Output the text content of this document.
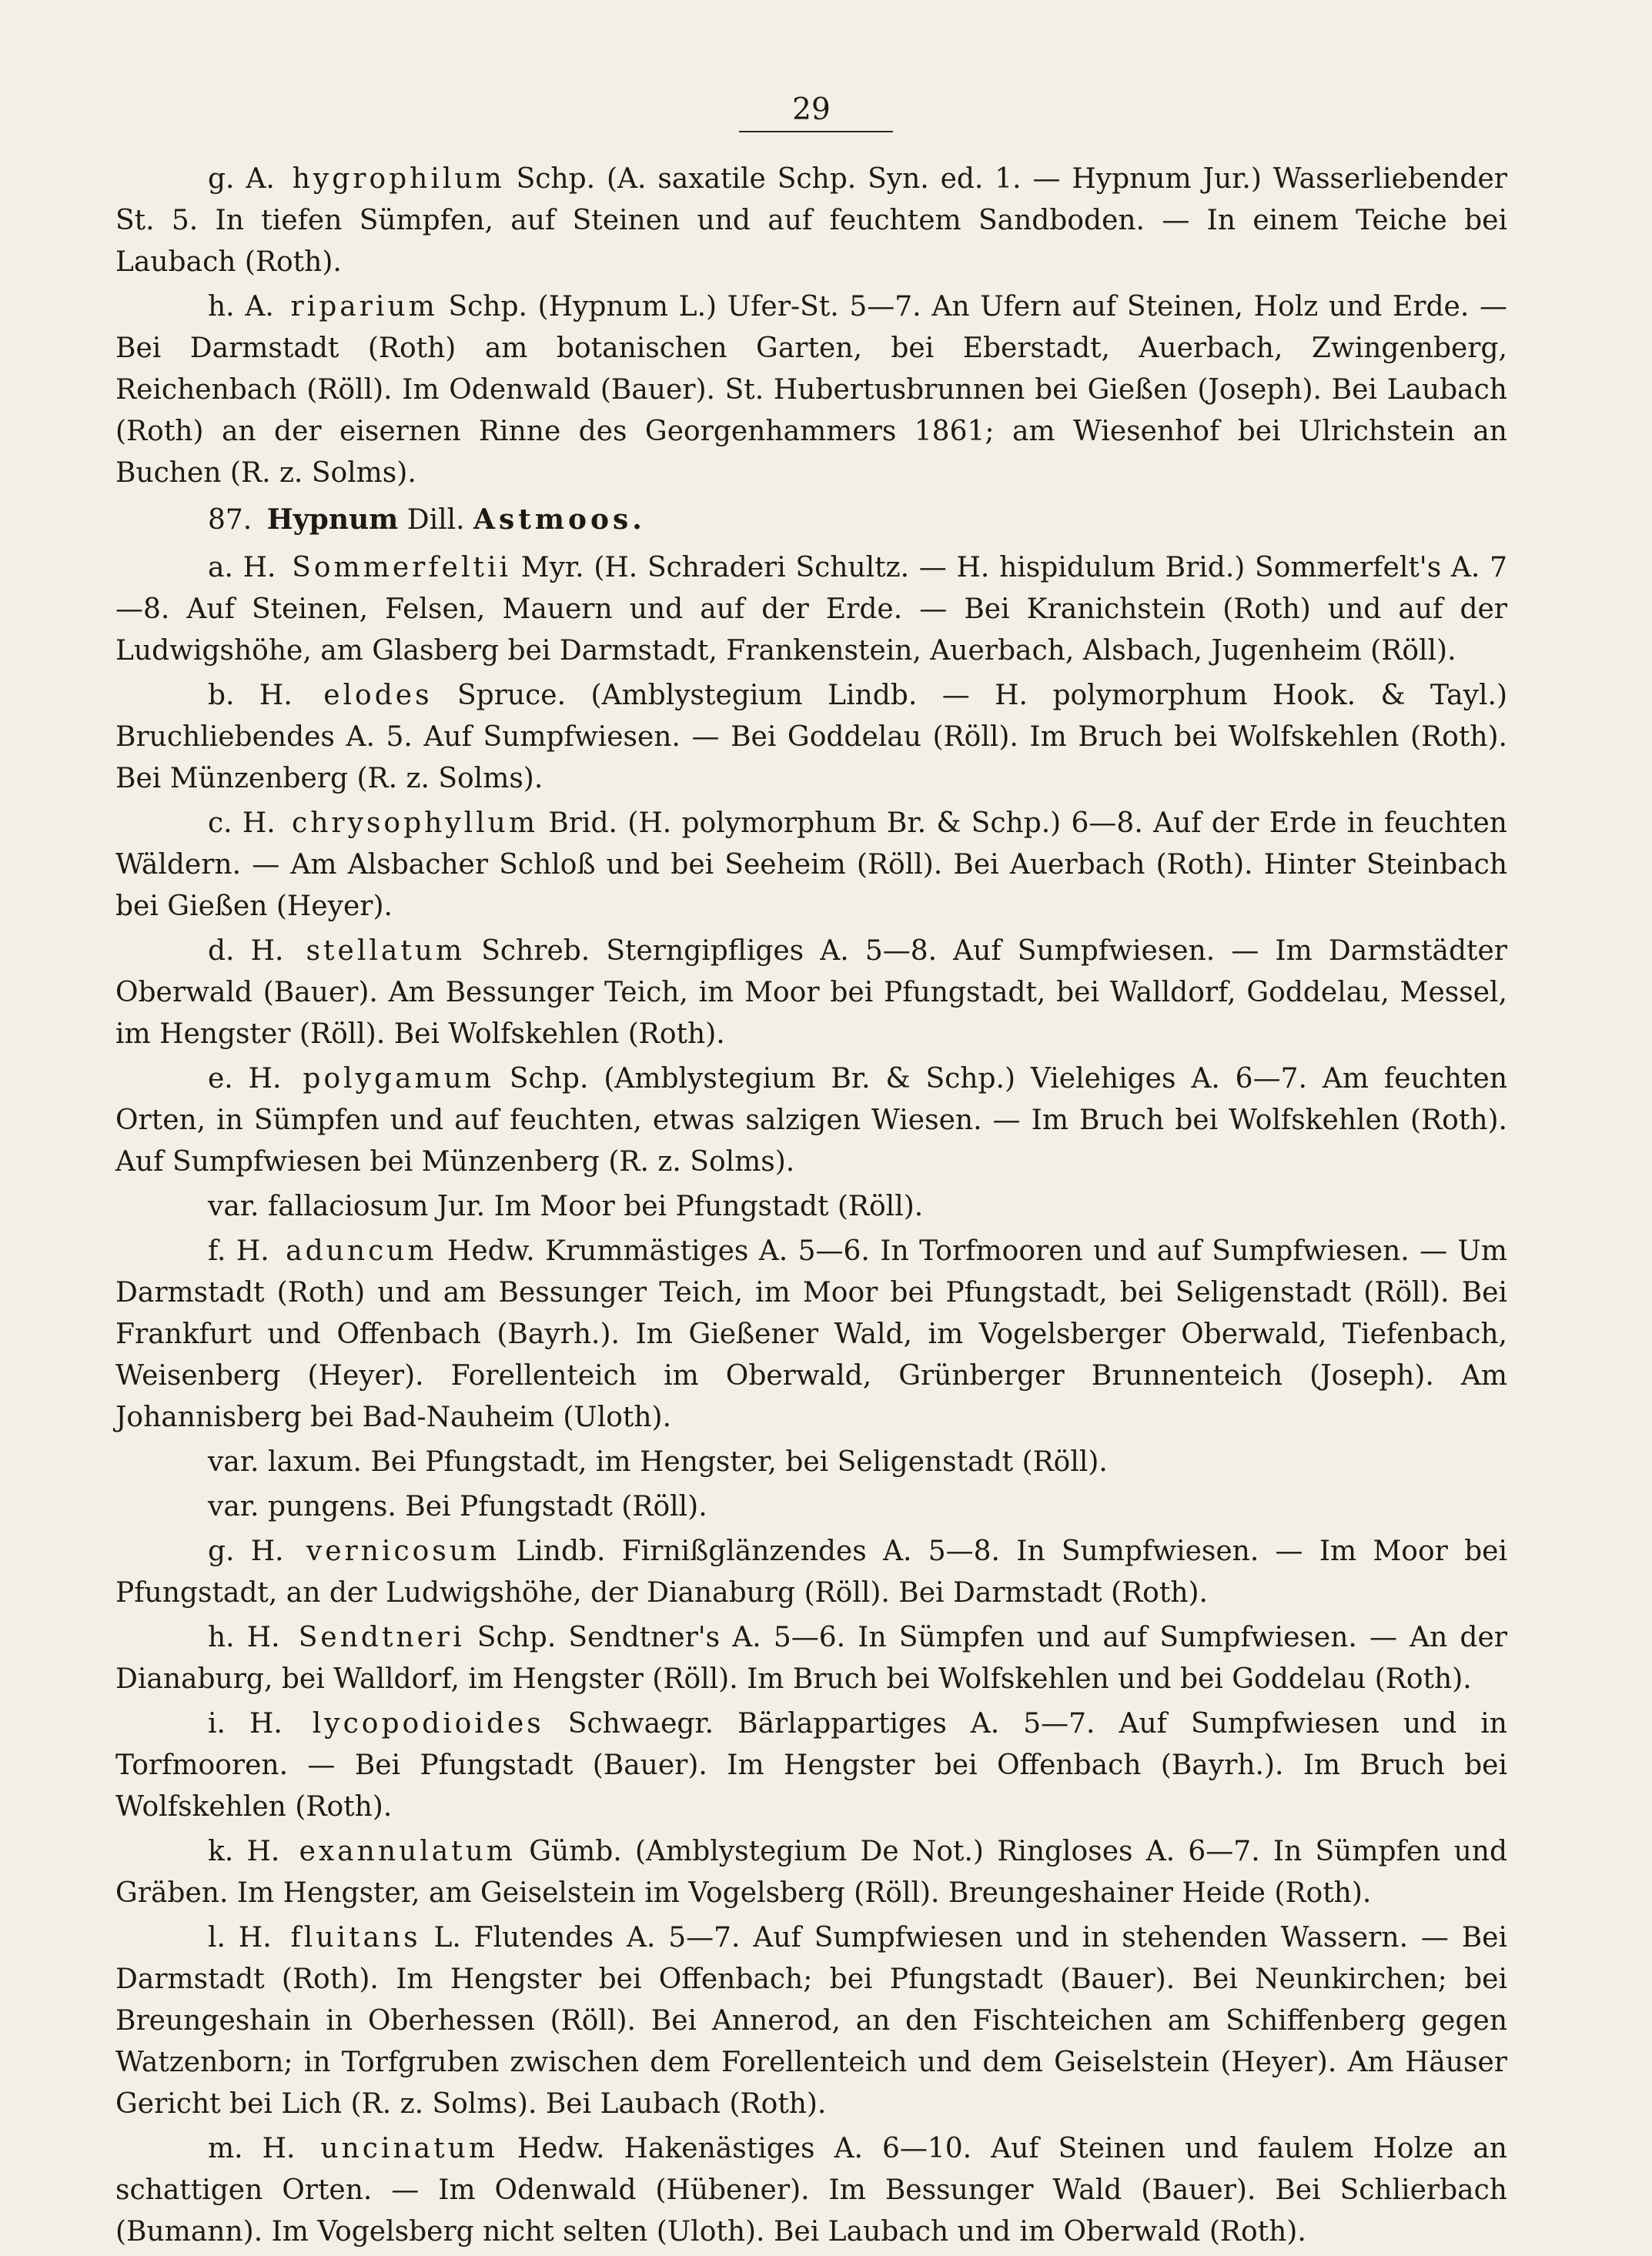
29

g. A. hygrophilum Schp. (A. saxatile Schp. Syn. ed. 1. — Hypnum Jur.) Wasserliebender St. 5. In tiefen Sümpfen, auf Steinen und auf feuchtem Sandboden. — In einem Teiche bei Laubach (Roth).

h. A. riparium Schp. (Hypnum L.) Ufer-St. 5—7. An Ufern auf Steinen, Holz und Erde. — Bei Darmstadt (Roth) am botanischen Garten, bei Eberstadt, Auerbach, Zwingenberg, Reichenbach (Röll). Im Odenwald (Bauer). St. Hubertusbrunnen bei Gießen (Joseph). Bei Laubach (Roth) an der eisernen Rinne des Georgenhammers 1861; am Wiesenhof bei Ulrichstein an Buchen (R. z. Solms).

87. Hypnum Dill. Astmoos.

a. H. Sommerfeltii Myr. (H. Schraderi Schultz. — H. hispidulum Brid.) Sommerfelt's A. 7—8. Auf Steinen, Felsen, Mauern und auf der Erde. — Bei Kranichstein (Roth) und auf der Ludwigshöhe, am Glasberg bei Darmstadt, Frankenstein, Auerbach, Alsbach, Jugenheim (Röll).

b. H. elodes Spruce. (Amblystegium Lindb. — H. polymorphum Hook. & Tayl.) Bruchliebendes A. 5. Auf Sumpfwiesen. — Bei Goddelau (Röll). Im Bruch bei Wolfskehlen (Roth). Bei Münzenberg (R. z. Solms).

c. H. chrysophyllum Brid. (H. polymorphum Br. & Schp.) 6—8. Auf der Erde in feuchten Wäldern. — Am Alsbacher Schloß und bei Seeheim (Röll). Bei Auerbach (Roth). Hinter Steinbach bei Gießen (Heyer).

d. H. stellatum Schreb. Sterngipfliges A. 5—8. Auf Sumpfwiesen. — Im Darmstädter Oberwald (Bauer). Am Bessunger Teich, im Moor bei Pfungstadt, bei Walldorf, Goddelau, Messel, im Hengster (Röll). Bei Wolfskehlen (Roth).

e. H. polygamum Schp. (Amblystegium Br. & Schp.) Vielehiges A. 6—7. Am feuchten Orten, in Sümpfen und auf feuchten, etwas salzigen Wiesen. — Im Bruch bei Wolfskehlen (Roth). Auf Sumpfwiesen bei Münzenberg (R. z. Solms).

var. fallaciosum Jur. Im Moor bei Pfungstadt (Röll).

f. H. aduncum Hedw. Krummästiges A. 5—6. In Torfmooren und auf Sumpfwiesen. — Um Darmstadt (Roth) und am Bessunger Teich, im Moor bei Pfungstadt, bei Seligenstadt (Röll). Bei Frankfurt und Offenbach (Bayrh.). Im Gießener Wald, im Vogelsberger Oberwald, Tiefenbach, Weisenberg (Heyer). Forellenteich im Oberwald, Grünberger Brunnenteich (Joseph). Am Johannisberg bei Bad-Nauheim (Uloth).

var. laxum. Bei Pfungstadt, im Hengster, bei Seligenstadt (Röll).

var. pungens. Bei Pfungstadt (Röll).

g. H. vernicosum Lindb. Firnißglänzendes A. 5—8. In Sumpfwiesen. — Im Moor bei Pfungstadt, an der Ludwigshöhe, der Dianaburg (Röll). Bei Darmstadt (Roth).

h. H. Sendtneri Schp. Sendtner's A. 5—6. In Sümpfen und auf Sumpfwiesen. — An der Dianaburg, bei Walldorf, im Hengster (Röll). Im Bruch bei Wolfskehlen und bei Goddelau (Roth).

i. H. lycopodioides Schwaegr. Bärlappartiges A. 5—7. Auf Sumpfwiesen und in Torfmooren. — Bei Pfungstadt (Bauer). Im Hengster bei Offenbach (Bayrh.). Im Bruch bei Wolfskehlen (Roth).

k. H. exannulatum Gümb. (Amblystegium De Not.) Ringloses A. 6—7. In Sümpfen und Gräben. Im Hengster, am Geiselstein im Vogelsberg (Röll). Breungeshainer Heide (Roth).

l. H. fluitans L. Flutendes A. 5—7. Auf Sumpfwiesen und in stehenden Wassern. — Bei Darmstadt (Roth). Im Hengster bei Offenbach; bei Pfungstadt (Bauer). Bei Neunkirchen; bei Breungeshain in Oberhessen (Röll). Bei Annerod, an den Fischteichen am Schiffenberg gegen Watzenborn; in Torfgruben zwischen dem Forellenteich und dem Geiselstein (Heyer). Am Häuser Gericht bei Lich (R. z. Solms). Bei Laubach (Roth).

m. H. uncinatum Hedw. Hakenästiges A. 6—10. Auf Steinen und faulem Holze an schattigen Orten. — Im Odenwald (Hübener). Im Bessunger Wald (Bauer). Bei Schlierbach (Bumann). Im Vogelsberg nicht selten (Uloth). Bei Laubach und im Oberwald (Roth).
